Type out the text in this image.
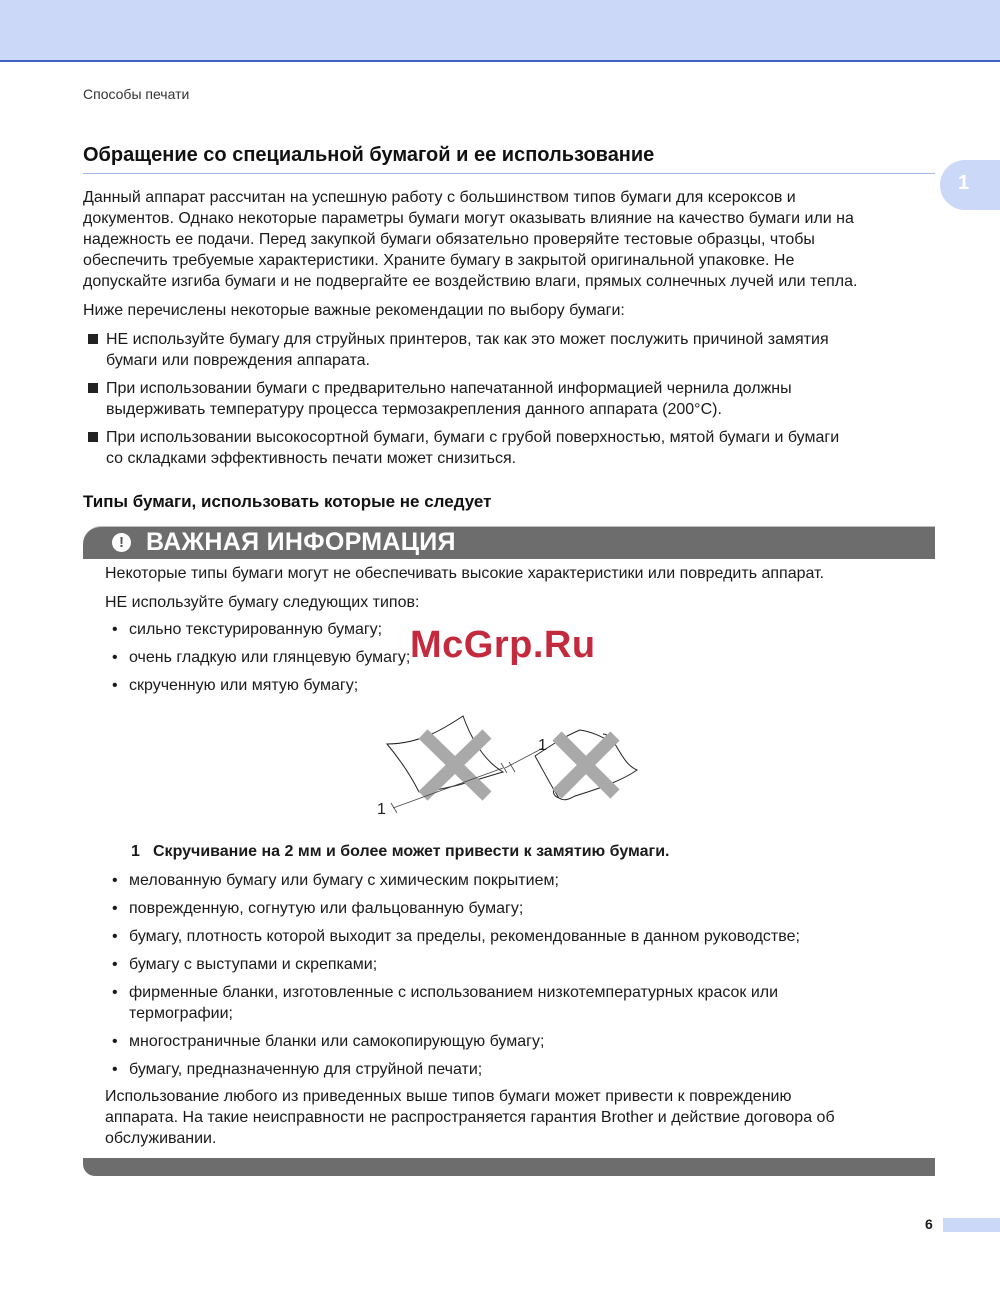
Способы печати
1
Обращение со специальной бумагой и ее использование

Данный аппарат рассчитан на успешную работу с большинством типов бумаги для ксероксов и

документов. Однако некоторые параметры бумаги могут оказывать влияние на качество бумаги или на

надежность ее подачи. Перед закупкой бумаги обязательно проверяйте тестовые образцы, чтобы

обеспечить требуемые характеристики. Храните бумагу в закрытой оригинальной упаковке. Не

допускайте изгиба бумаги и не подвергайте ее воздействию влаги, прямых солнечных лучей или тепла.

Ниже перечислены некоторые важные рекомендации по выбору бумаги:

НЕ используйте бумагу для струйных принтеров, так как это может послужить причиной замятия
бумаги или повреждения аппарата.
При использовании бумаги с предварительно напечатанной информацией чернила должны
выдерживать температуру процесса термозакрепления данного аппарата (200°C).
При использовании высокосортной бумаги, бумаги с грубой поверхностью, мятой бумаги и бумаги
со складками эффективность печати может снизиться.
Типы бумаги, использовать которые не следует
! ВАЖНАЯ ИНФОРМАЦИЯ

Некоторые типы бумаги могут не обеспечивать высокие характеристики или повредить аппарат.

НЕ используйте бумагу следующих типов:

• сильно текстурированную бумагу;
• очень гладкую или глянцевую бумагу;
• скрученную или мятую бумагу;
McGrp.Ru
1
1
1 Скручивание на 2 мм и более может привести к замятию бумаги.
• мелованную бумагу или бумагу с химическим покрытием;
• поврежденную, согнутую или фальцованную бумагу;
• бумагу, плотность которой выходит за пределы, рекомендованные в данном руководстве;
• бумагу с выступами и скрепками;
• фирменные бланки, изготовленные с использованием низкотемпературных красок или
термографии;
• многостраничные бланки или самокопирующую бумагу;
• бумагу, предназначенную для струйной печати;

Использование любого из приведенных выше типов бумаги может привести к повреждению

аппарата. На такие неисправности не распространяется гарантия Brother и действие договора об

обслуживании.

6
